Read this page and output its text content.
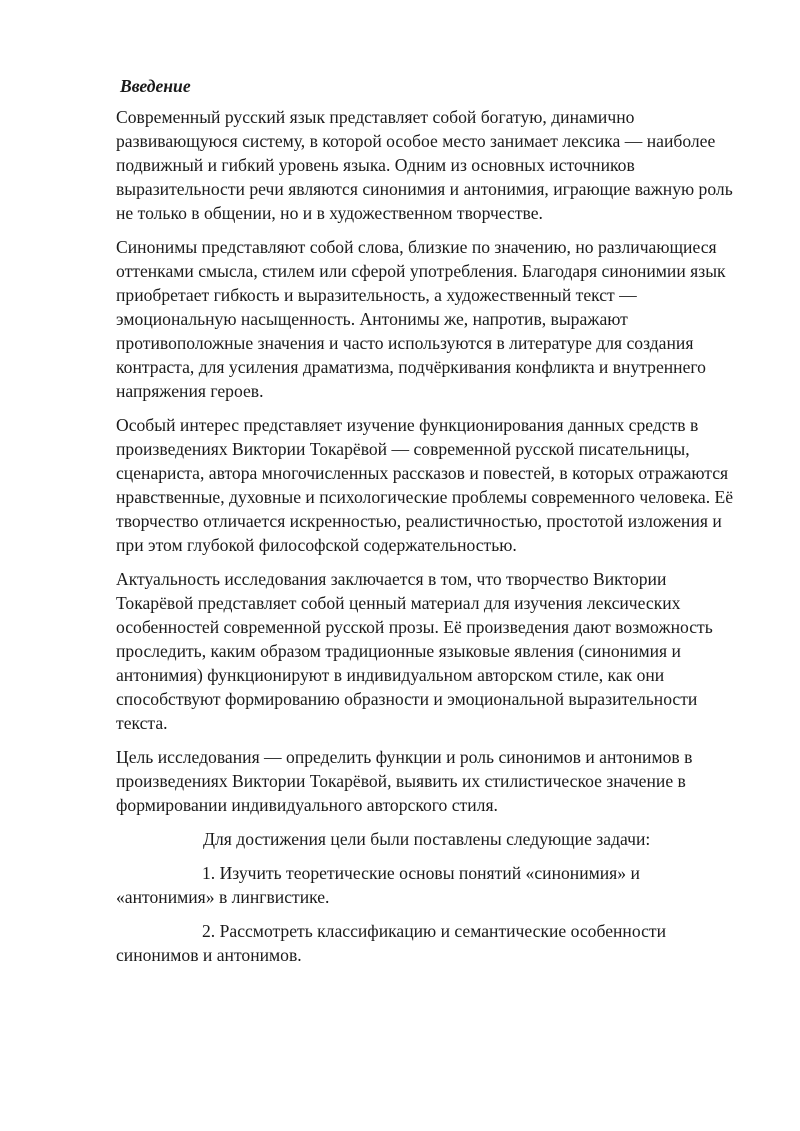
Введение
Современный русский язык представляет собой богатую, динамично развивающуюся систему, в которой особое место занимает лексика — наиболее подвижный и гибкий уровень языка. Одним из основных источников выразительности речи являются синонимия и антонимия, играющие важную роль не только в общении, но и в художественном творчестве.
Синонимы представляют собой слова, близкие по значению, но различающиеся оттенками смысла, стилем или сферой употребления. Благодаря синонимии язык приобретает гибкость и выразительность, а художественный текст — эмоциональную насыщенность. Антонимы же, напротив, выражают противоположные значения и часто используются в литературе для создания контраста, для усиления драматизма, подчёркивания конфликта и внутреннего напряжения героев.
Особый интерес представляет изучение функционирования данных средств в произведениях Виктории Токарёвой — современной русской писательницы, сценариста, автора многочисленных рассказов и повестей, в которых отражаются нравственные, духовные и психологические проблемы современного человека. Её творчество отличается искренностью, реалистичностью, простотой изложения и при этом глубокой философской содержательностью.
Актуальность исследования заключается в том, что творчество Виктории Токарёвой представляет собой ценный материал для изучения лексических особенностей современной русской прозы. Её произведения дают возможность проследить, каким образом традиционные языковые явления (синонимия и антонимия) функционируют в индивидуальном авторском стиле, как они способствуют формированию образности и эмоциональной выразительности текста.
Цель исследования — определить функции и роль синонимов и антонимов в произведениях Виктории Токарёвой, выявить их стилистическое значение в формировании индивидуального авторского стиля.
Для достижения цели были поставлены следующие задачи:
1. Изучить теоретические основы понятий «синонимия» и «антонимия» в лингвистике.
2. Рассмотреть классификацию и семантические особенности синонимов и антонимов.
